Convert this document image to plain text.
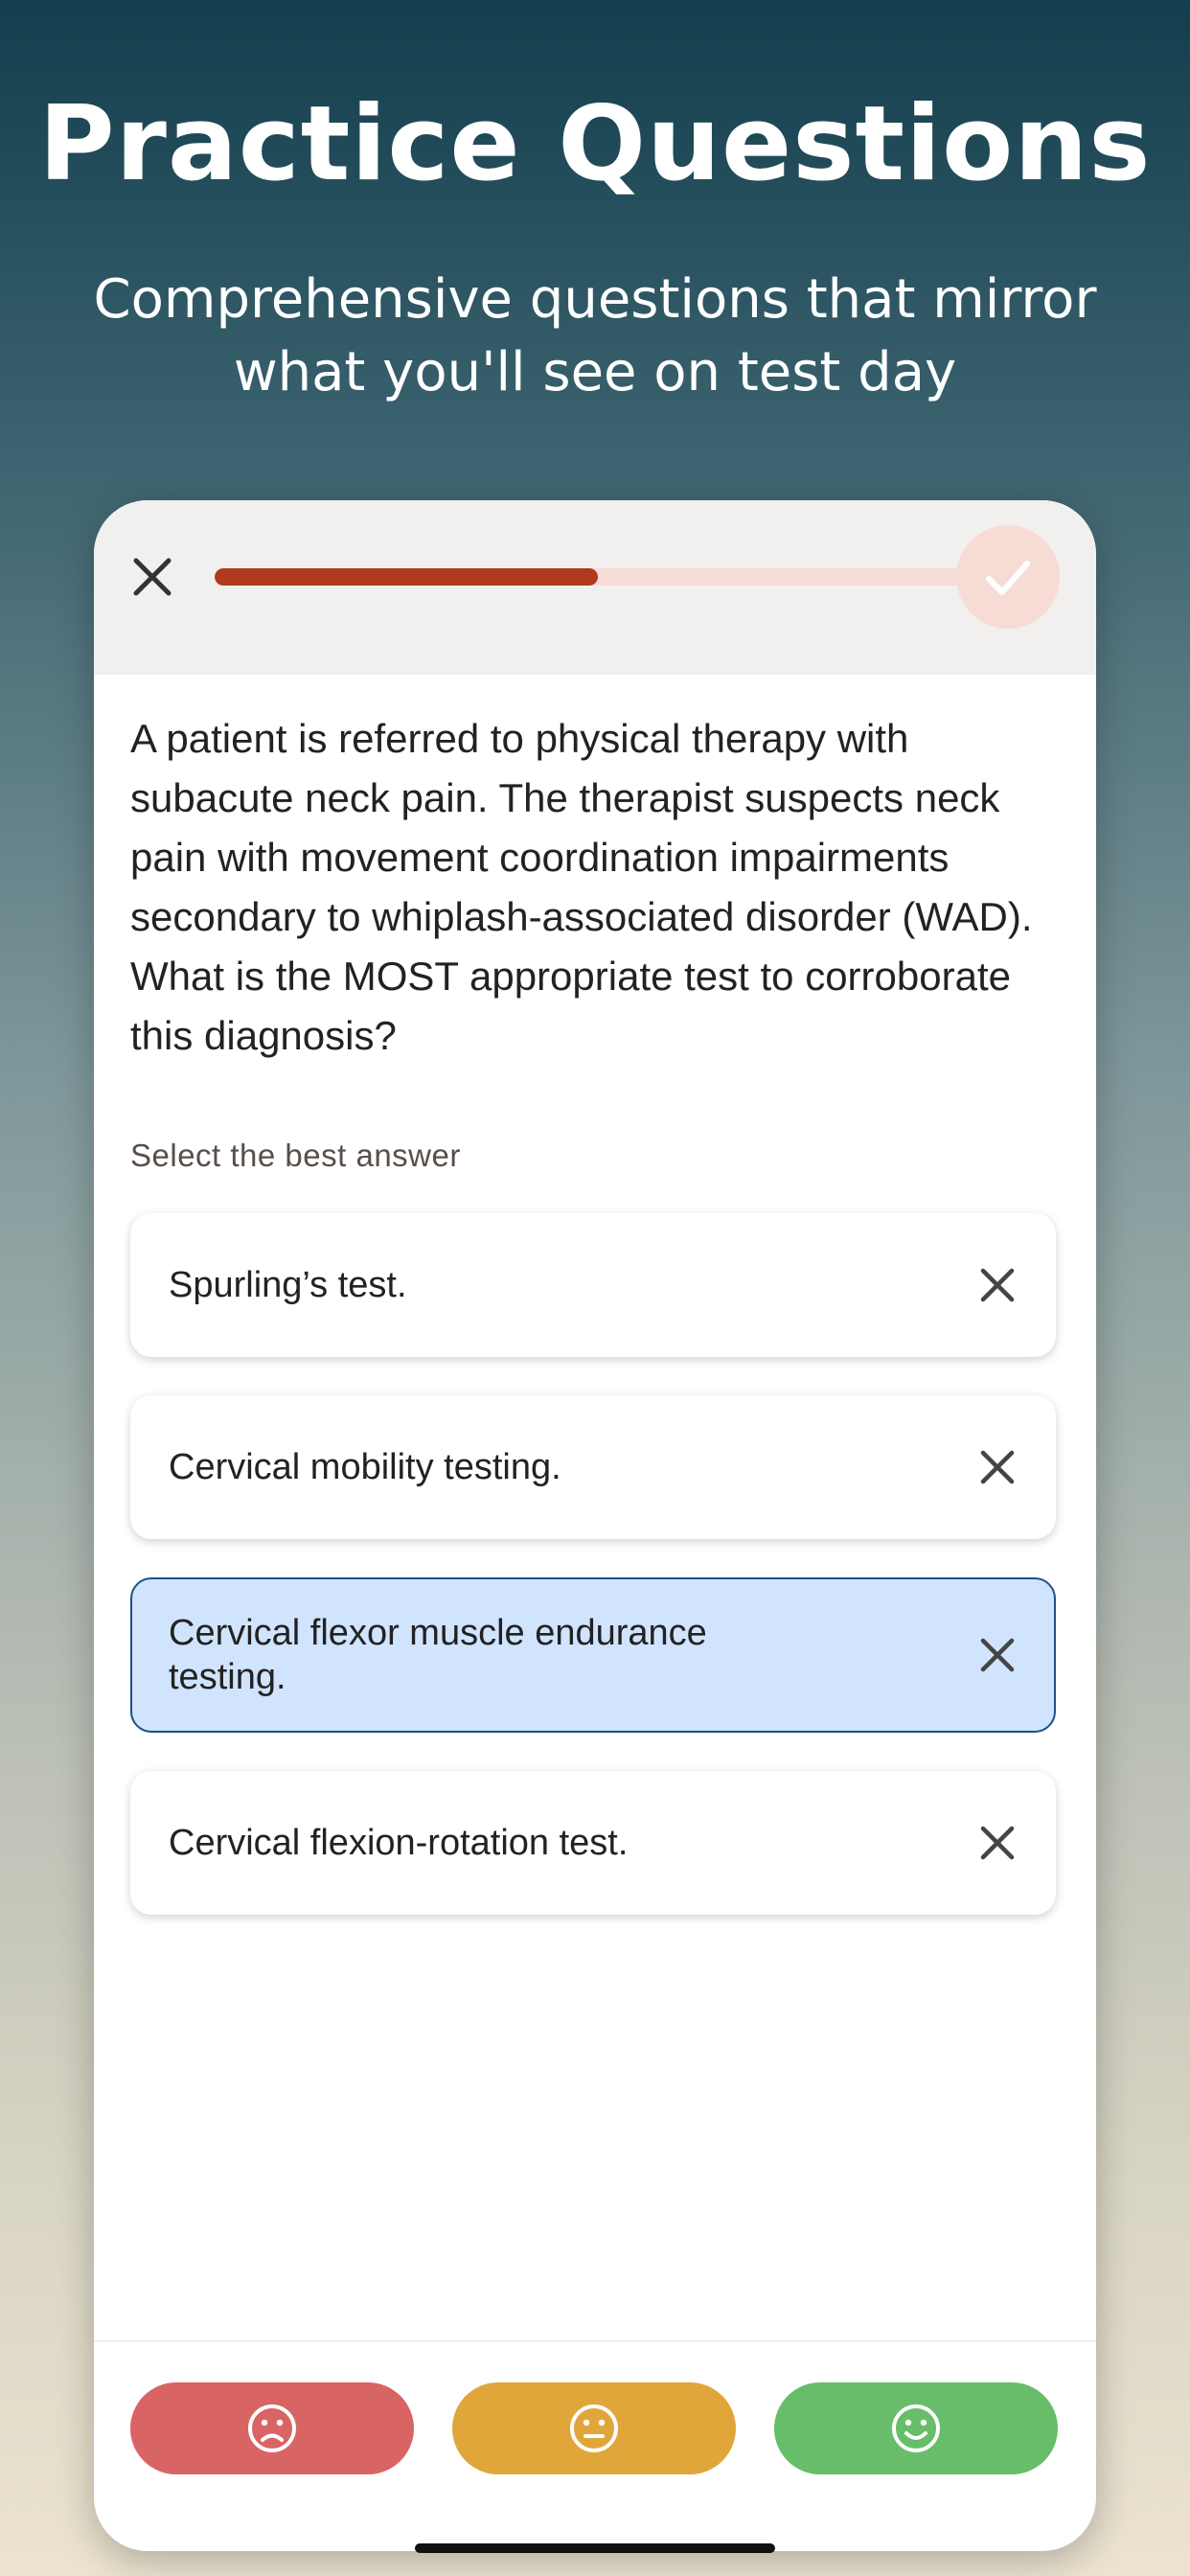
Practice Questions
Comprehensive questions that mirror what you'll see on test day
A patient is referred to physical therapy with subacute neck pain. The therapist suspects neck pain with movement coordination impairments secondary to whiplash-associated disorder (WAD). What is the MOST appropriate test to corroborate this diagnosis?
Select the best answer
Spurling’s test.
Cervical mobility testing.
Cervical flexor muscle endurance testing.
Cervical flexion-rotation test.
